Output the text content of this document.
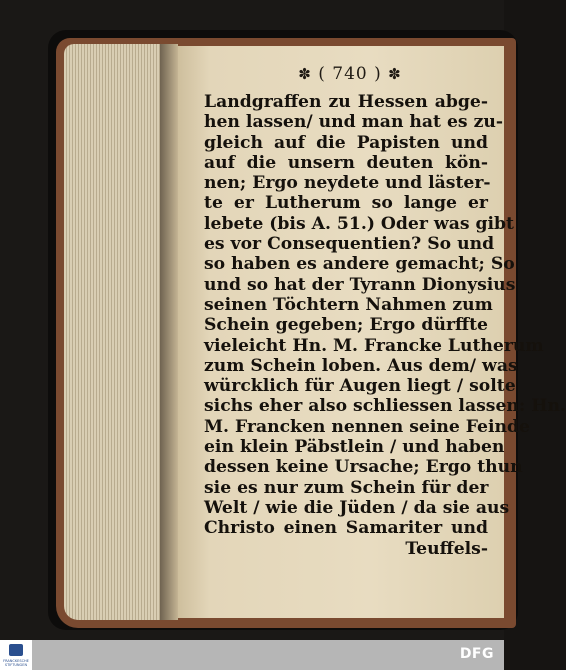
✽ ( 740 ) ✽
Landgraffen zu Hessen abge-
hen lassen/ und man hat es zu-
gleich auf die Papisten und
auf die unsern deuten kön-
nen; Ergo neydete und läster-
te er Lutherum so lange er
lebete (bis A. 51.) Oder was gibt
es vor Consequentien? So und
so haben es andere gemacht; So
und so hat der Tyrann Dionysius
seinen Töchtern Nahmen zum
Schein gegeben; Ergo dürffte
vieleicht Hn. M. Francke Lutherum
zum Schein loben. Aus dem/ was
würcklich für Augen liegt / solte
sichs eher also schliessen lassen: Hn.
M. Francken nennen seine Feinde
ein klein Päbstlein / und haben
dessen keine Ursache; Ergo thun
sie es nur zum Schein für der
Welt / wie die Jüden / da sie aus
Christo einen Samariter und
Teuffels-
FRANCKESCHE STIFTUNGEN
DFG
